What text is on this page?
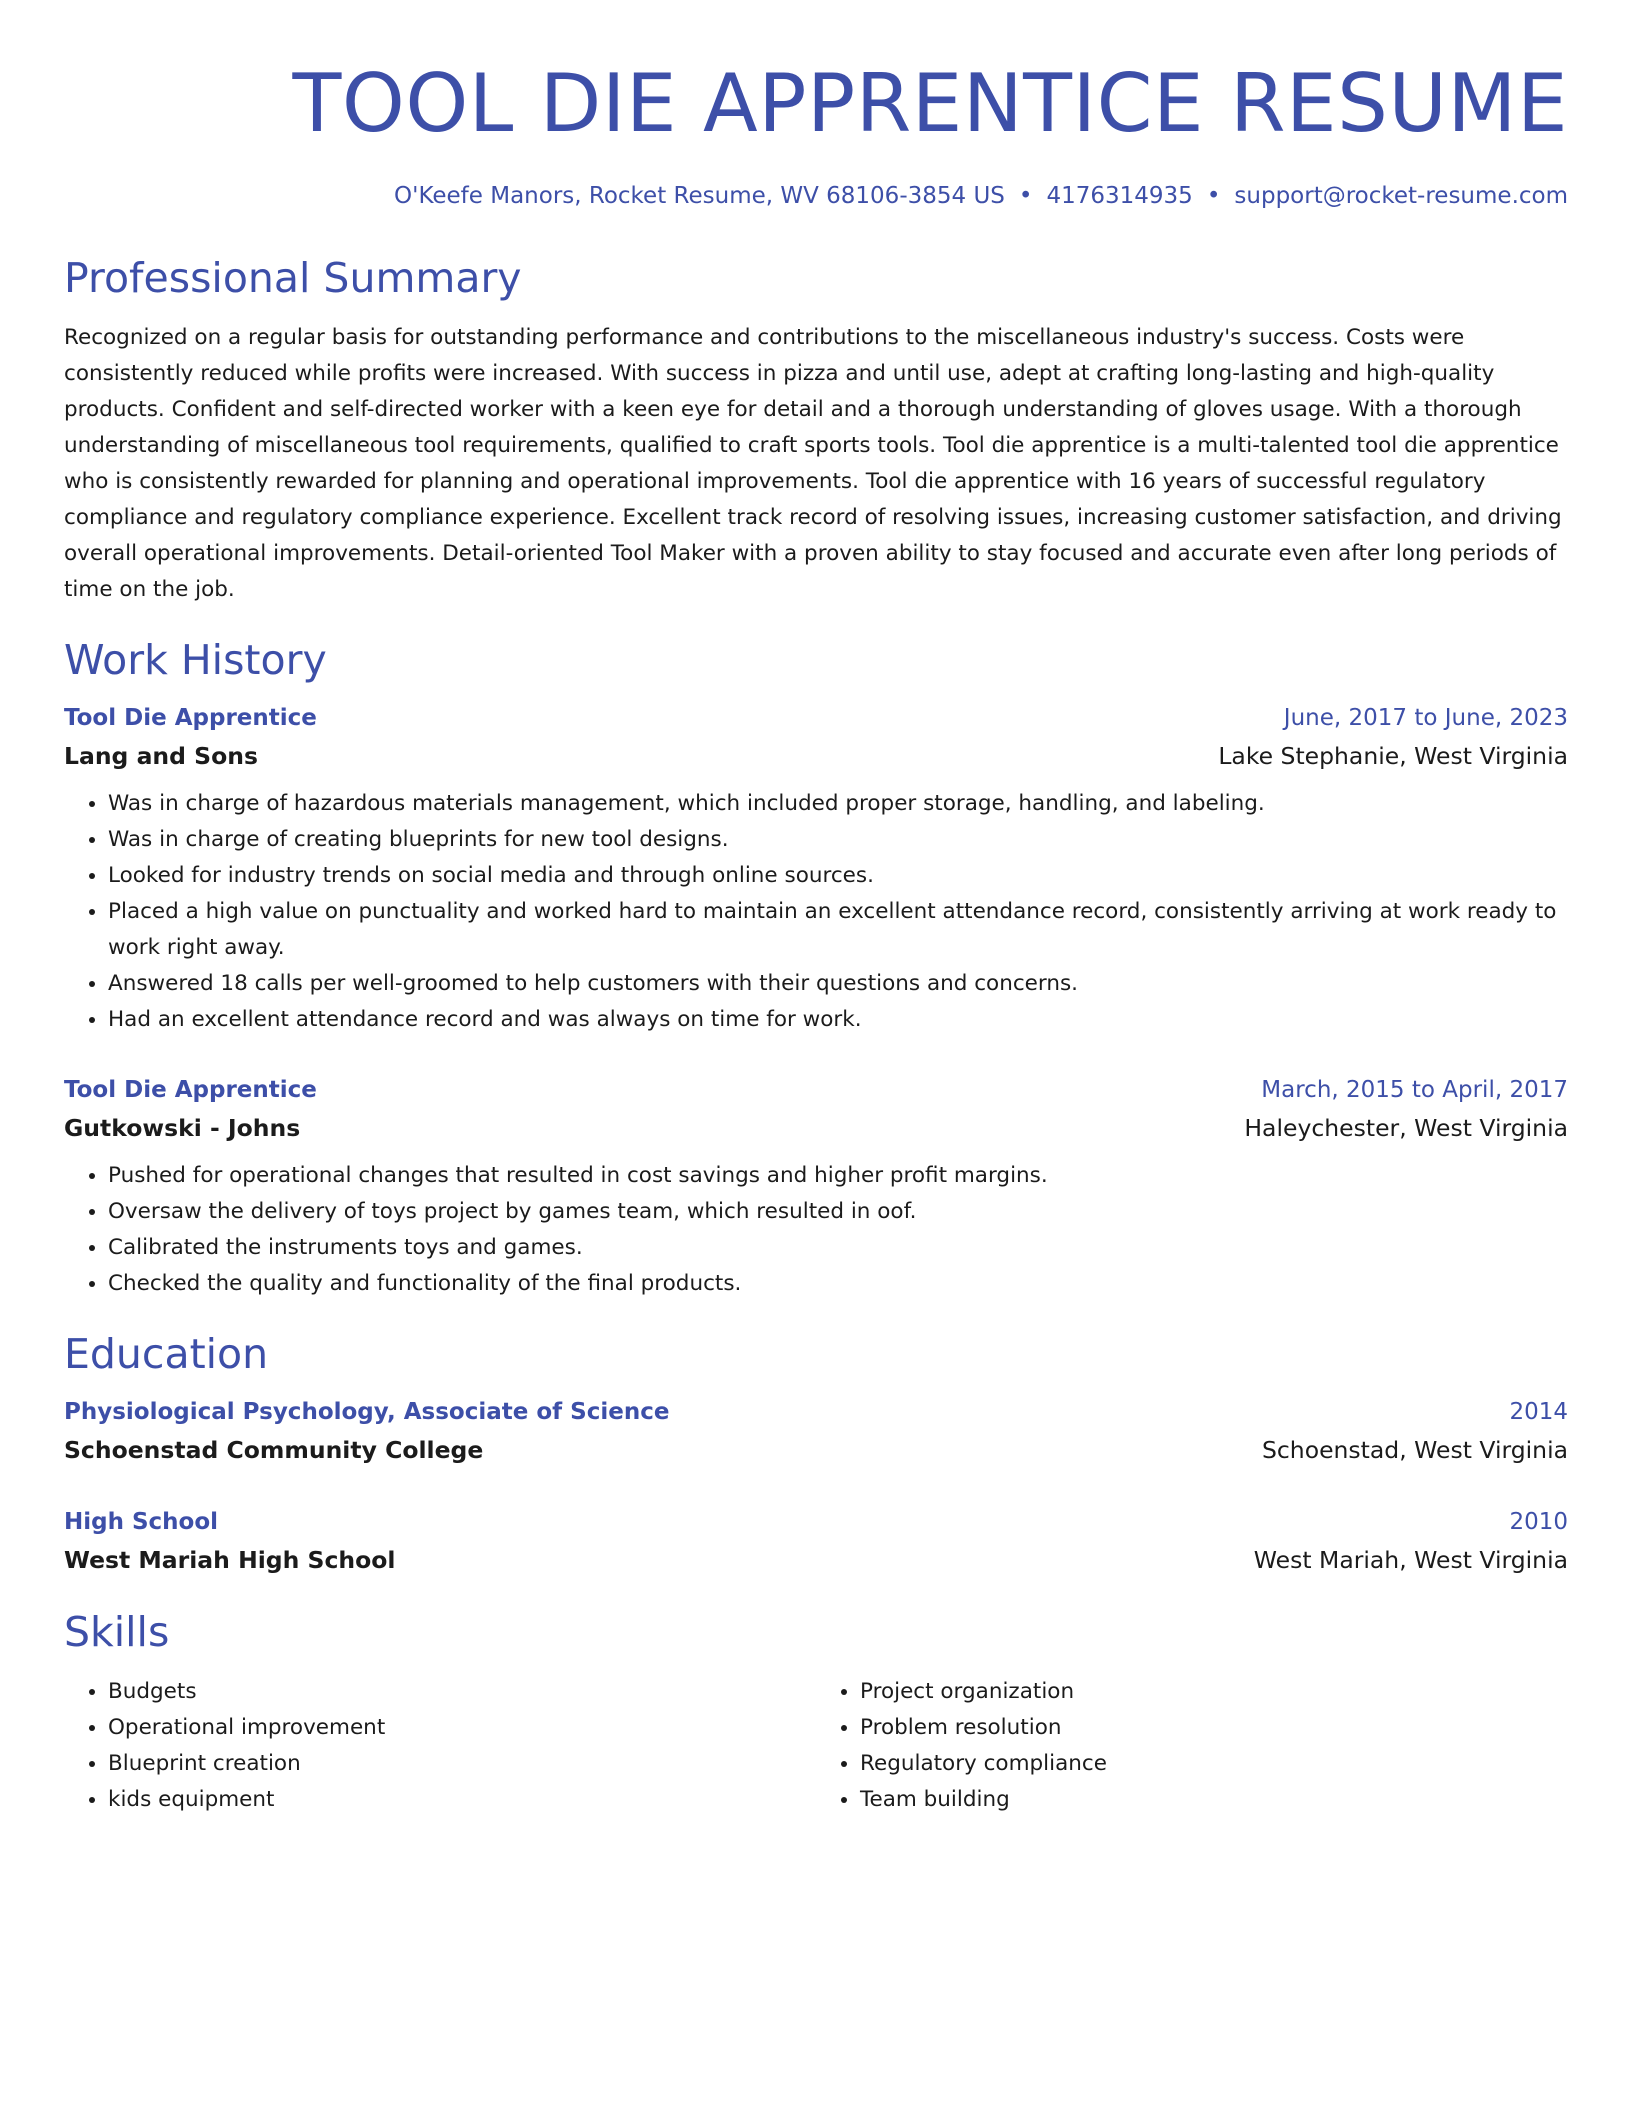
TOOL DIE APPRENTICE RESUME
O'Keefe Manors, Rocket Resume, WV 68106-3854 US • 4176314935 • support@rocket-resume.com
Professional Summary

Recognized on a regular basis for outstanding performance and contributions to the miscellaneous industry's success. Costs were consistently reduced while profits were increased. With success in pizza and until use, adept at crafting long-lasting and high-quality products. Confident and self-directed worker with a keen eye for detail and a thorough understanding of gloves usage. With a thorough understanding of miscellaneous tool requirements, qualified to craft sports tools. Tool die apprentice is a multi-talented tool die apprentice who is consistently rewarded for planning and operational improvements. Tool die apprentice with 16 years of successful regulatory compliance and regulatory compliance experience. Excellent track record of resolving issues, increasing customer satisfaction, and driving overall operational improvements. Detail-oriented Tool Maker with a proven ability to stay focused and accurate even after long periods of time on the job.

Work History
Tool Die Apprentice	June, 2017 to June, 2023
Lang and Sons	Lake Stephanie, West Virginia
• Was in charge of hazardous materials management, which included proper storage, handling, and labeling.
• Was in charge of creating blueprints for new tool designs.
• Looked for industry trends on social media and through online sources.
• Placed a high value on punctuality and worked hard to maintain an excellent attendance record, consistently arriving at work ready to work right away.
• Answered 18 calls per well-groomed to help customers with their questions and concerns.
• Had an excellent attendance record and was always on time for work.
Tool Die Apprentice	March, 2015 to April, 2017
Gutkowski - Johns	Haleychester, West Virginia
• Pushed for operational changes that resulted in cost savings and higher profit margins.
• Oversaw the delivery of toys project by games team, which resulted in oof.
• Calibrated the instruments toys and games.
• Checked the quality and functionality of the final products.
Education
Physiological Psychology, Associate of Science	2014
Schoenstad Community College	Schoenstad, West Virginia
High School	2010
West Mariah High School	West Mariah, West Virginia
Skills
• Budgets
• Operational improvement
• Blueprint creation
• kids equipment
• Project organization
• Problem resolution
• Regulatory compliance
• Team building
